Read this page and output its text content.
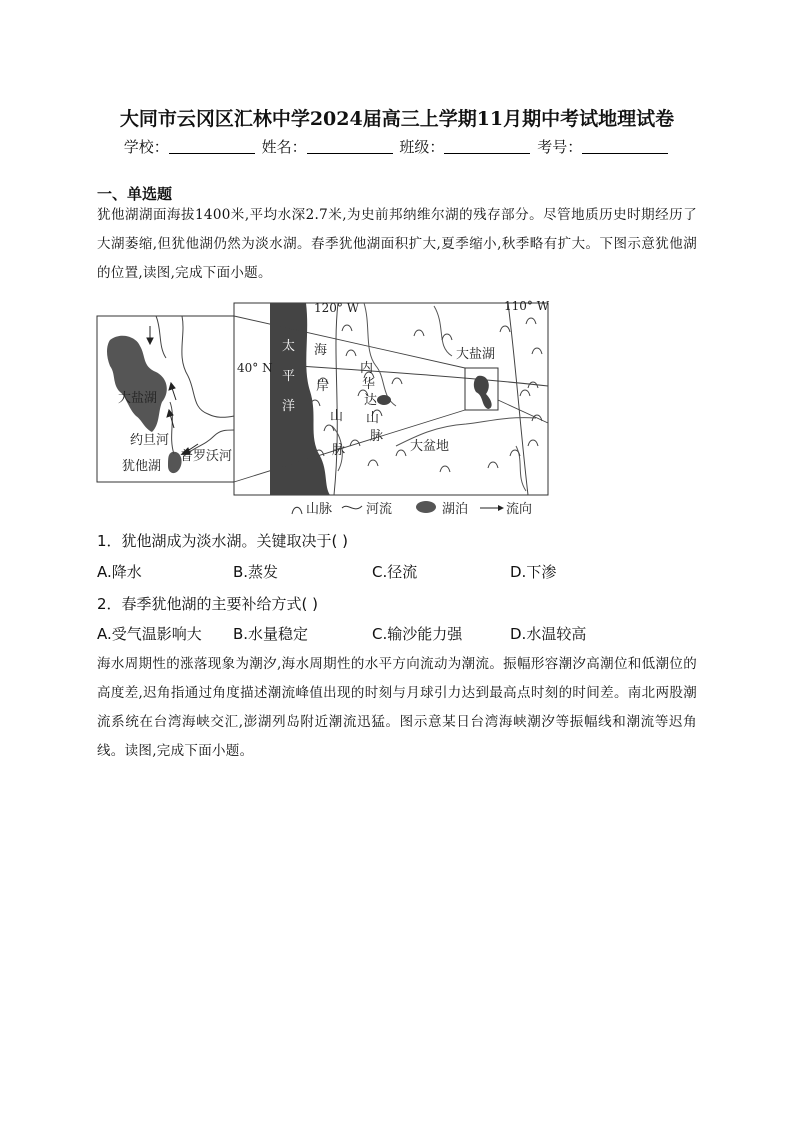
大同市云冈区汇林中学2024届高三上学期11月期中考试地理试卷
学校：	姓名：	班级：	考号：
一、单选题
犹他湖湖面海拔1400米,平均水深2.7米,为史前邦纳维尔湖的残存部分。尽管地质历史时期经历了大湖萎缩,但犹他湖仍然为淡水湖。春季犹他湖面积扩大,夏季缩小,秋季略有扩大。下图示意犹他湖的位置,读图,完成下面小题。
120° W	110° W
40° N
太
平
洋
海
岸
山
脉
内
华
达
山
脉
大盆地
大盐湖
大盐湖
约旦河
普罗沃河
犹他湖
山脉	河流	湖泊	流向
1．犹他湖成为淡水湖。关键取决于( )
A.降水	B.蒸发	C.径流	D.下渗
2．春季犹他湖的主要补给方式( )
A.受气温影响大 B.水量稳定	C.输沙能力强	D.水温较高
海水周期性的涨落现象为潮汐,海水周期性的水平方向流动为潮流。振幅形容潮汐高潮位和低潮位的高度差,迟角指通过角度描述潮流峰值出现的时刻与月球引力达到最高点时刻的时间差。南北两股潮流系统在台湾海峡交汇,澎湖列岛附近潮流迅猛。图示意某日台湾海峡潮汐等振幅线和潮流等迟角线。读图,完成下面小题。
